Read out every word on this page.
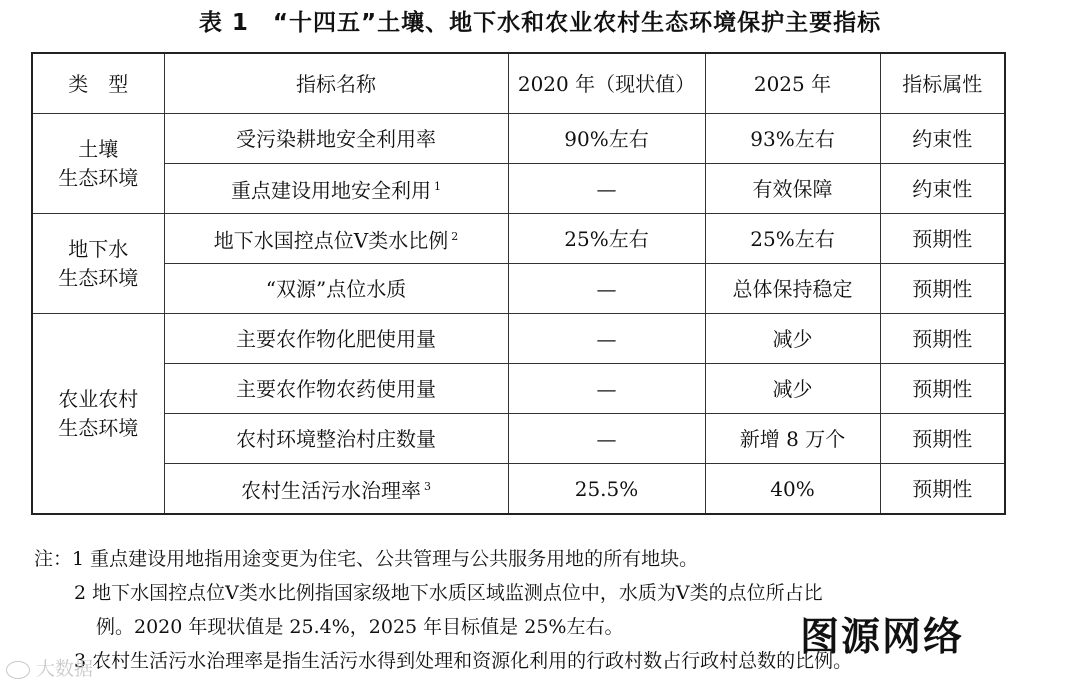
表 1　“十四五”土壤、地下水和农业农村生态环境保护主要指标
类　型	指标名称	2020 年（现状值）	2025 年	指标属性

土壤
生态环境	受污染耕地安全利用率	90%左右	93%左右	约束性
	重点建设用地安全利用 $^1$	—	有效保障	约束性

地下水
生态环境	地下水国控点位Ⅴ类水比例 $^2$	25%左右	25%左右	预期性
	“双源”点位水质	—	总体保持稳定	预期性

农业农村
生态环境	主要农作物化肥使用量	—	减少	预期性
	主要农作物农药使用量	—	减少	预期性
	农村环境整治村庄数量	—	新增 8 万个	预期性
	农村生活污水治理率 $^3$	25.5%	40%	预期性
注：1 重点建设用地指用途变更为住宅、公共管理与公共服务用地的所有地块。
2 地下水国控点位Ⅴ类水比例指国家级地下水质区域监测点位中，水质为Ⅴ类的点位所占比
例。2020 年现状值是 25.4%，2025 年目标值是 25%左右。
3 农村生活污水治理率是指生活污水得到处理和资源化利用的行政村数占行政村总数的比例。
图源网络
大数据
